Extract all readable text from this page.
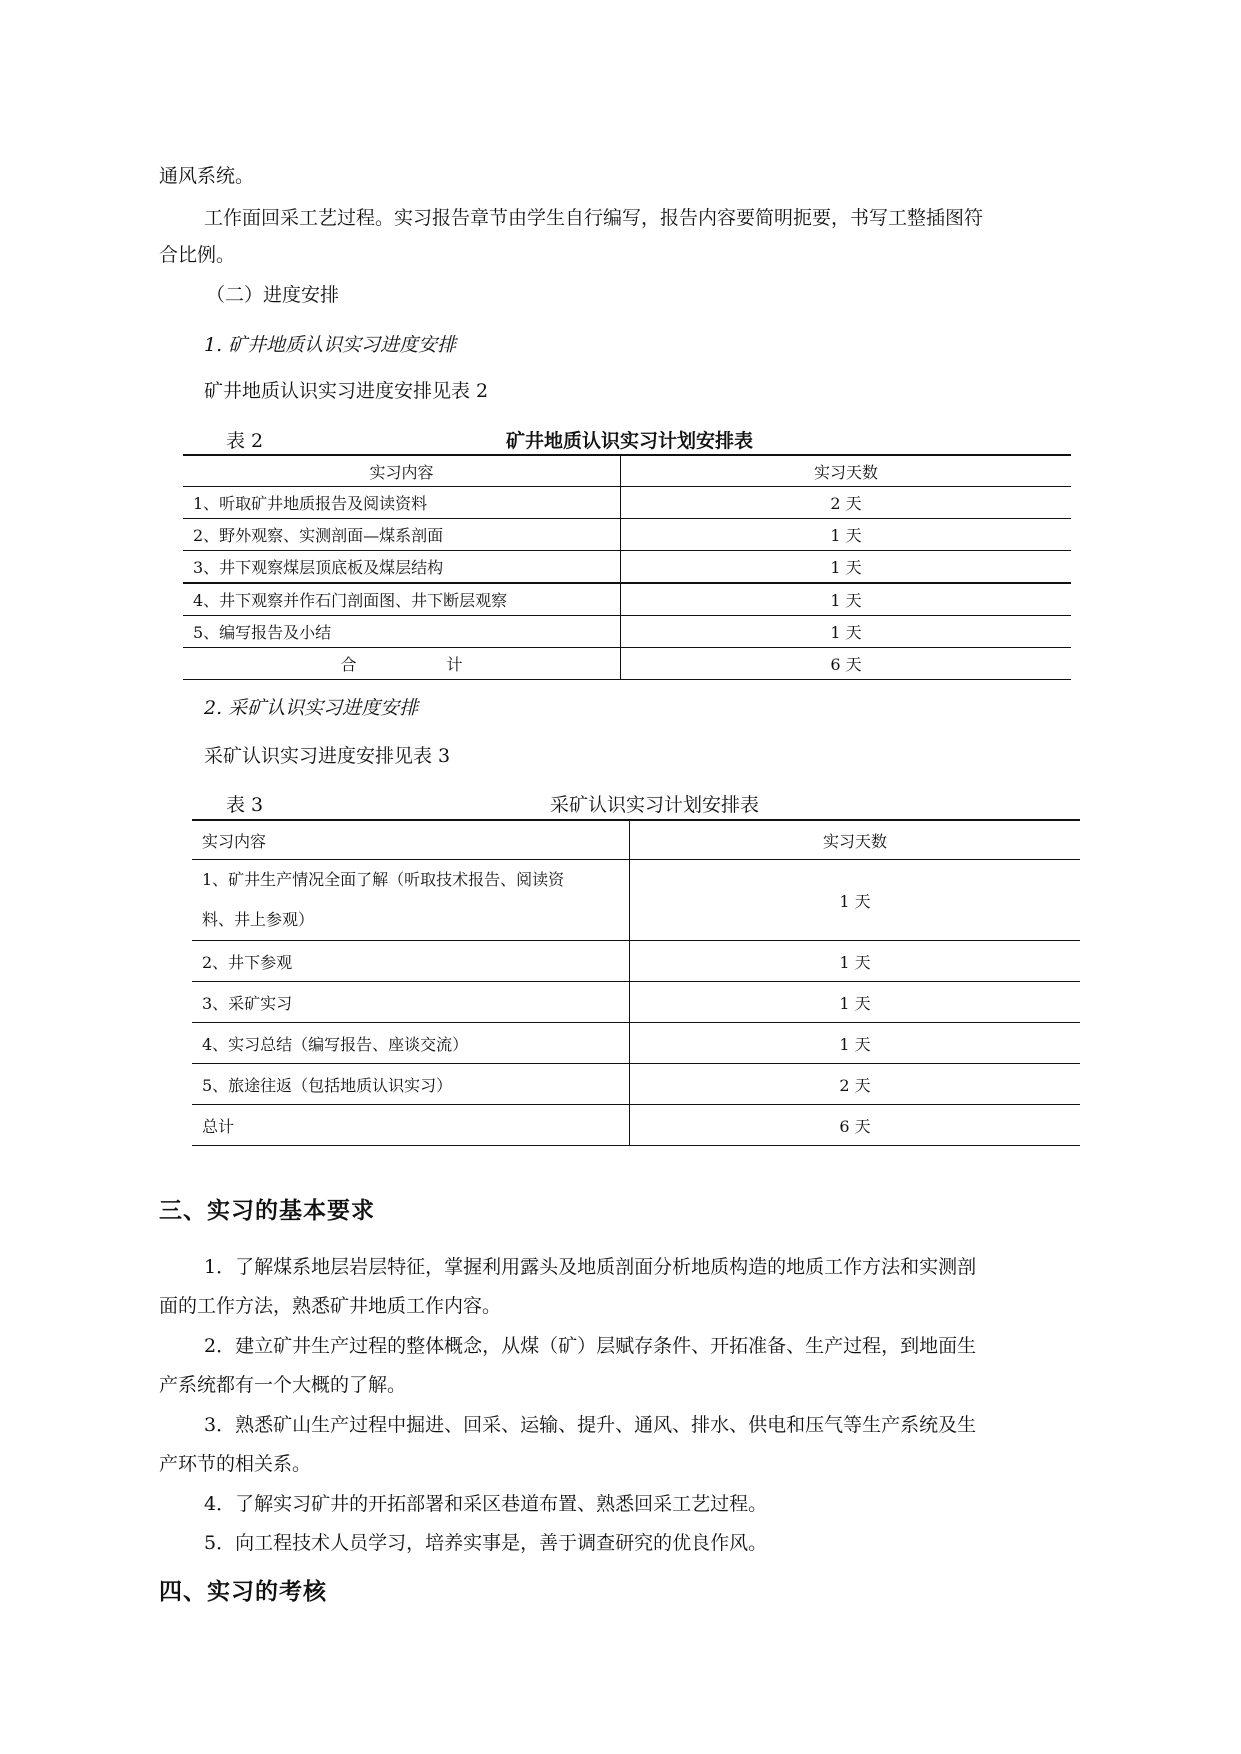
通风系统。
工作面回采工艺过程。实习报告章节由学生自行编写，报告内容要简明扼要，书写工整插图符
合比例。
（二）进度安排
1. 矿井地质认识实习进度安排
矿井地质认识实习进度安排见表 2
表 2	矿井地质认识实习计划安排表
实习内容	实习天数
1、听取矿井地质报告及阅读资料	2 天
2、野外观察、实测剖面—煤系剖面	1 天
3、井下观察煤层顶底板及煤层结构	1 天
4、井下观察并作石门剖面图、井下断层观察	1 天
5、编写报告及小结	1 天
合 计	6 天
2. 采矿认识实习进度安排
采矿认识实习进度安排见表 3
表 3	采矿认识实习计划安排表
实习内容	实习天数

1、矿井生产情况全面了解（听取技术报告、阅读资
料、井上参观）	1 天
2、井下参观	1 天
3、采矿实习	1 天
4、实习总结（编写报告、座谈交流）	1 天
5、旅途往返（包括地质认识实习）	2 天
总计	6 天
三、实习的基本要求
1．了解煤系地层岩层特征，掌握利用露头及地质剖面分析地质构造的地质工作方法和实测剖
面的工作方法，熟悉矿井地质工作内容。
2．建立矿井生产过程的整体概念，从煤（矿）层赋存条件、开拓准备、生产过程，到地面生
产系统都有一个大概的了解。
3．熟悉矿山生产过程中掘进、回采、运输、提升、通风、排水、供电和压气等生产系统及生
产环节的相关系。
4．了解实习矿井的开拓部署和采区巷道布置、熟悉回采工艺过程。
5．向工程技术人员学习，培养实事是，善于调查研究的优良作风。
四、实习的考核
